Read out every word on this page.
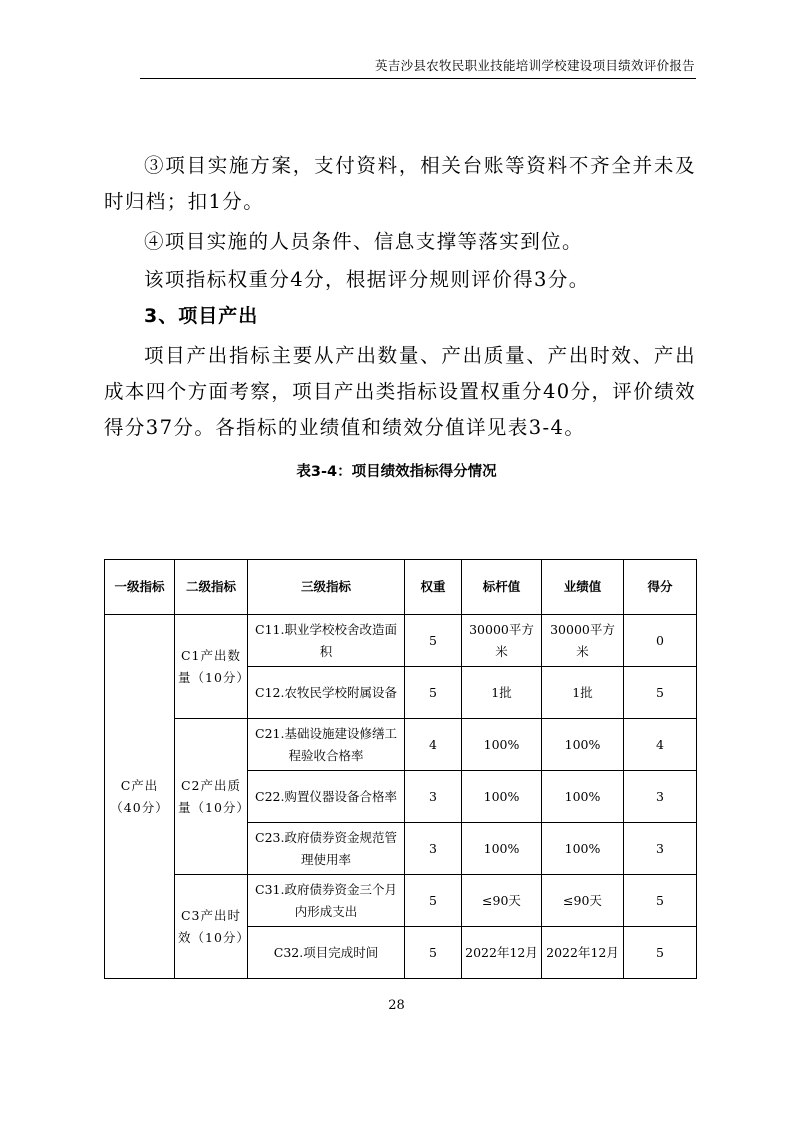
英吉沙县农牧民职业技能培训学校建设项目绩效评价报告

③项目实施方案，支付资料，相关台账等资料不齐全并未及时归档；扣1分。

④项目实施的人员条件、信息支撑等落实到位。

该项指标权重分4分，根据评分规则评价得3分。

3、项目产出

项目产出指标主要从产出数量、产出质量、产出时效、产出成本四个方面考察，项目产出类指标设置权重分40分，评价绩效得分37分。各指标的业绩值和绩效分值详见表3-4。

表3-4：项目绩效指标得分情况
一级指标	二级指标	三级指标	权重	标杆值	业绩值	得分
C产出（40分）	C1产出数量（10分）	C11.职业学校校舍改造面积	5	30000平方米	30000平方米	0
		C12.农牧民学校附属设备	5	1批	1批	5
	C2产出质量（10分）	C21.基础设施建设修缮工程验收合格率	4	100%	100%	4
		C22.购置仪器设备合格率	3	100%	100%	3
		C23.政府债券资金规范管理使用率	3	100%	100%	3
	C3产出时效（10分）	C31.政府债券资金三个月内形成支出	5	≤90天	≤90天	5
		C32.项目完成时间	5	2022年12月	2022年12月	5
28
